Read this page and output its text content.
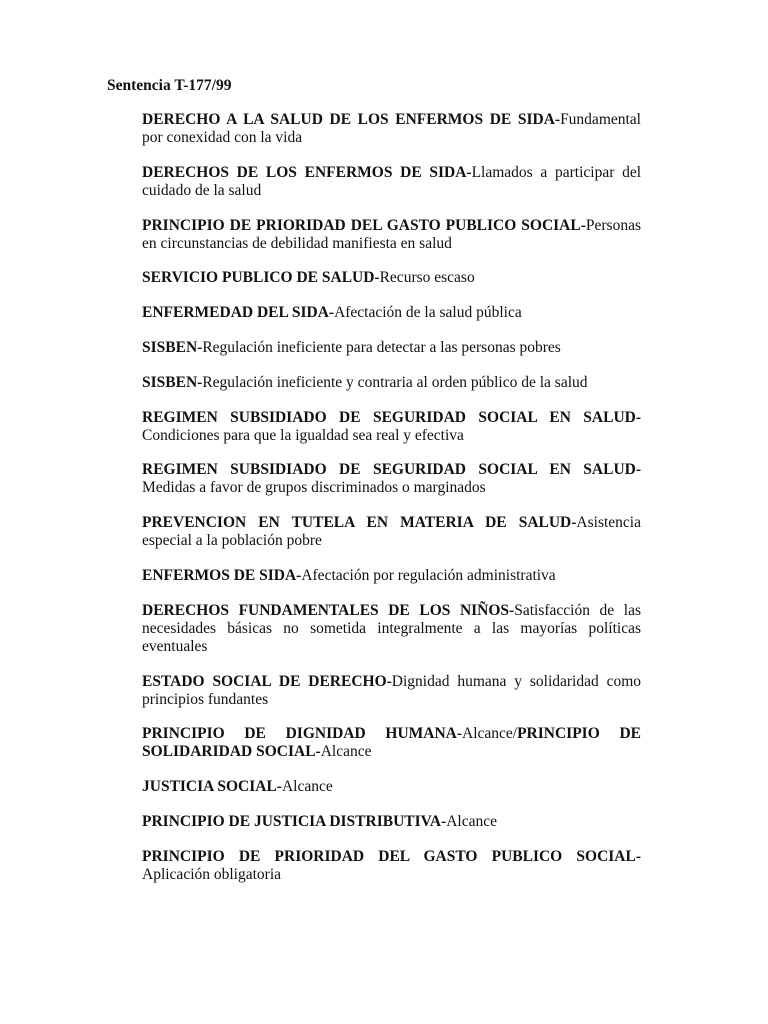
Sentencia T-177/99

DERECHO A LA SALUD DE LOS ENFERMOS DE SIDA-Fundamental por conexidad con la vida
DERECHOS DE LOS ENFERMOS DE SIDA-Llamados a participar del cuidado de la salud
PRINCIPIO DE PRIORIDAD DEL GASTO PUBLICO SOCIAL-Personas en circunstancias de debilidad manifiesta en salud
SERVICIO PUBLICO DE SALUD-Recurso escaso
ENFERMEDAD DEL SIDA-Afectación de la salud pública
SISBEN-Regulación ineficiente para detectar a las personas pobres
SISBEN-Regulación ineficiente y contraria al orden público de la salud
REGIMEN SUBSIDIADO DE SEGURIDAD SOCIAL EN SALUD-Condiciones para que la igualdad sea real y efectiva
REGIMEN SUBSIDIADO DE SEGURIDAD SOCIAL EN SALUD-Medidas a favor de grupos discriminados o marginados
PREVENCION EN TUTELA EN MATERIA DE SALUD-Asistencia especial a la población pobre
ENFERMOS DE SIDA-Afectación por regulación administrativa
DERECHOS FUNDAMENTALES DE LOS NIÑOS-Satisfacción de las necesidades básicas no sometida integralmente a las mayorías políticas eventuales
ESTADO SOCIAL DE DERECHO-Dignidad humana y solidaridad como principios fundantes
PRINCIPIO DE DIGNIDAD HUMANA-Alcance/PRINCIPIO DE SOLIDARIDAD SOCIAL-Alcance
JUSTICIA SOCIAL-Alcance
PRINCIPIO DE JUSTICIA DISTRIBUTIVA-Alcance
PRINCIPIO DE PRIORIDAD DEL GASTO PUBLICO SOCIAL-Aplicación obligatoria
